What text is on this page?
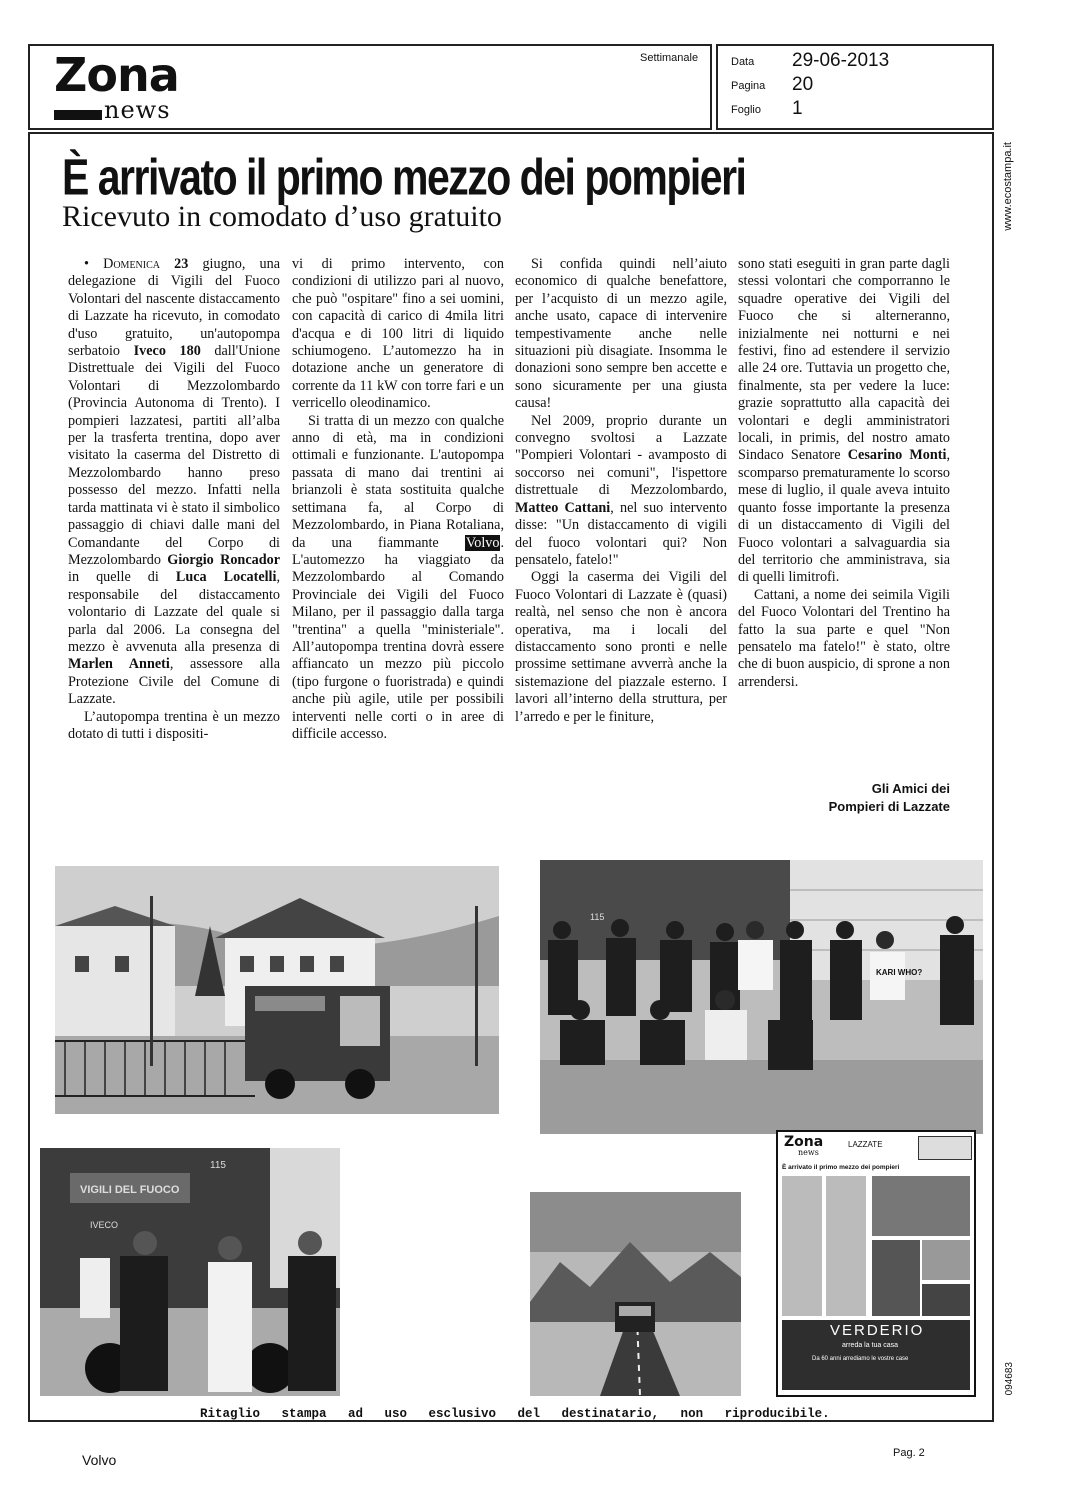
Zona
news
Settimanale	Data 29-06-2013
Pagina 20
Foglio 1
È arrivato il primo mezzo dei pompieri
Ricevuto in comodato d’uso gratuito

• Domenica 23 giugno, una delegazione di Vigili del Fuoco Volontari del nascente distaccamento di Lazzate ha ricevuto, in comodato d'uso gratuito, un'autopompa serbatoio Iveco 180 dall'Unione Distrettuale dei Vigili del Fuoco Volontari di Mezzolombardo (Provincia Autonoma di Trento). I pompieri lazzatesi, partiti all’alba per la trasferta trentina, dopo aver visitato la caserma del Distretto di Mezzolombardo hanno preso possesso del mezzo. Infatti nella tarda mattinata vi è stato il simbolico passaggio di chiavi dalle mani del Comandante del Corpo di Mezzolombardo Giorgio Roncador in quelle di Luca Locatelli, responsabile del distaccamento volontario di Lazzate del quale si parla dal 2006. La consegna del mezzo è avvenuta alla presenza di Marlen Anneti, assessore alla Protezione Civile del Comune di Lazzate.

L’autopompa trentina è un mezzo dotato di tutti i dispositi-

vi di primo intervento, con condizioni di utilizzo pari al nuovo, che può "ospitare" fino a sei uomini, con capacità di carico di 4mila litri d'acqua e di 100 litri di liquido schiumogeno. L’automezzo ha in dotazione anche un generatore di corrente da 11 kW con torre fari e un verricello oleodinamico.

Si tratta di un mezzo con qualche anno di età, ma in condizioni ottimali e funzionante. L'autopompa passata di mano dai trentini ai brianzoli è stata sostituita qualche settimana fa, al Corpo di Mezzolombardo, in Piana Rotaliana, da una fiammante Volvo. L'automezzo ha viaggiato da Mezzolombardo al Comando Provinciale dei Vigili del Fuoco Milano, per il passaggio dalla targa "trentina" a quella "ministeriale". All’autopompa trentina dovrà essere affiancato un mezzo più piccolo (tipo furgone o fuoristrada) e quindi anche più agile, utile per possibili interventi nelle corti o in aree di difficile accesso.

Si confida quindi nell’aiuto economico di qualche benefattore, per l’acquisto di un mezzo agile, anche usato, capace di intervenire tempestivamente anche nelle situazioni più disagiate. Insomma le donazioni sono sempre ben accette e sono sicuramente per una giusta causa!

Nel 2009, proprio durante un convegno svoltosi a Lazzate "Pompieri Volontari - avamposto di soccorso nei comuni", l'ispettore distrettuale di Mezzolombardo, Matteo Cattani, nel suo intervento disse: "Un distaccamento di vigili del fuoco volontari qui? Non pensatelo, fatelo!"

Oggi la caserma dei Vigili del Fuoco Volontari di Lazzate è (quasi) realtà, nel senso che non è ancora operativa, ma i locali del distaccamento sono pronti e nelle prossime settimane avverrà anche la sistemazione del piazzale esterno. I lavori all’interno della struttura, per l’arredo e per le finiture,

sono stati eseguiti in gran parte dagli stessi volontari che comporranno le squadre operative dei Vigili del Fuoco che si alterneranno, inizialmente nei notturni e nei festivi, fino ad estendere il servizio alle 24 ore. Tuttavia un progetto che, finalmente, sta per vedere la luce: grazie soprattutto alla capacità dei volontari e degli amministratori locali, in primis, del nostro amato Sindaco Senatore Cesarino Monti, scomparso prematuramente lo scorso mese di luglio, il quale aveva intuito quanto fosse importante la presenza di un distaccamento di Vigili del Fuoco volontari a salvaguardia sia del territorio che amministrava, sia di quelli limitrofi.

Cattani, a nome dei seimila Vigili del Fuoco Volontari del Trentino ha fatto la sua parte e quel "Non pensatelo ma fatelo!" è stato, oltre che di buon auspicio, di sprone a non arrendersi.

Gli Amici dei
Pompieri di Lazzate
115
KARI WHO?
VIGILI DEL FUOCO
115
IVECO
Zona
news
LAZZATE
È arrivato il primo mezzo dei pompieri
VERDERIO
arreda la tua casa
Da 60 anni arrediamo le vostre case
Ritaglio stampa ad uso esclusivo del destinatario, non riproducibile.
www.ecostampa.it
094683
Volvo	Pag. 2
